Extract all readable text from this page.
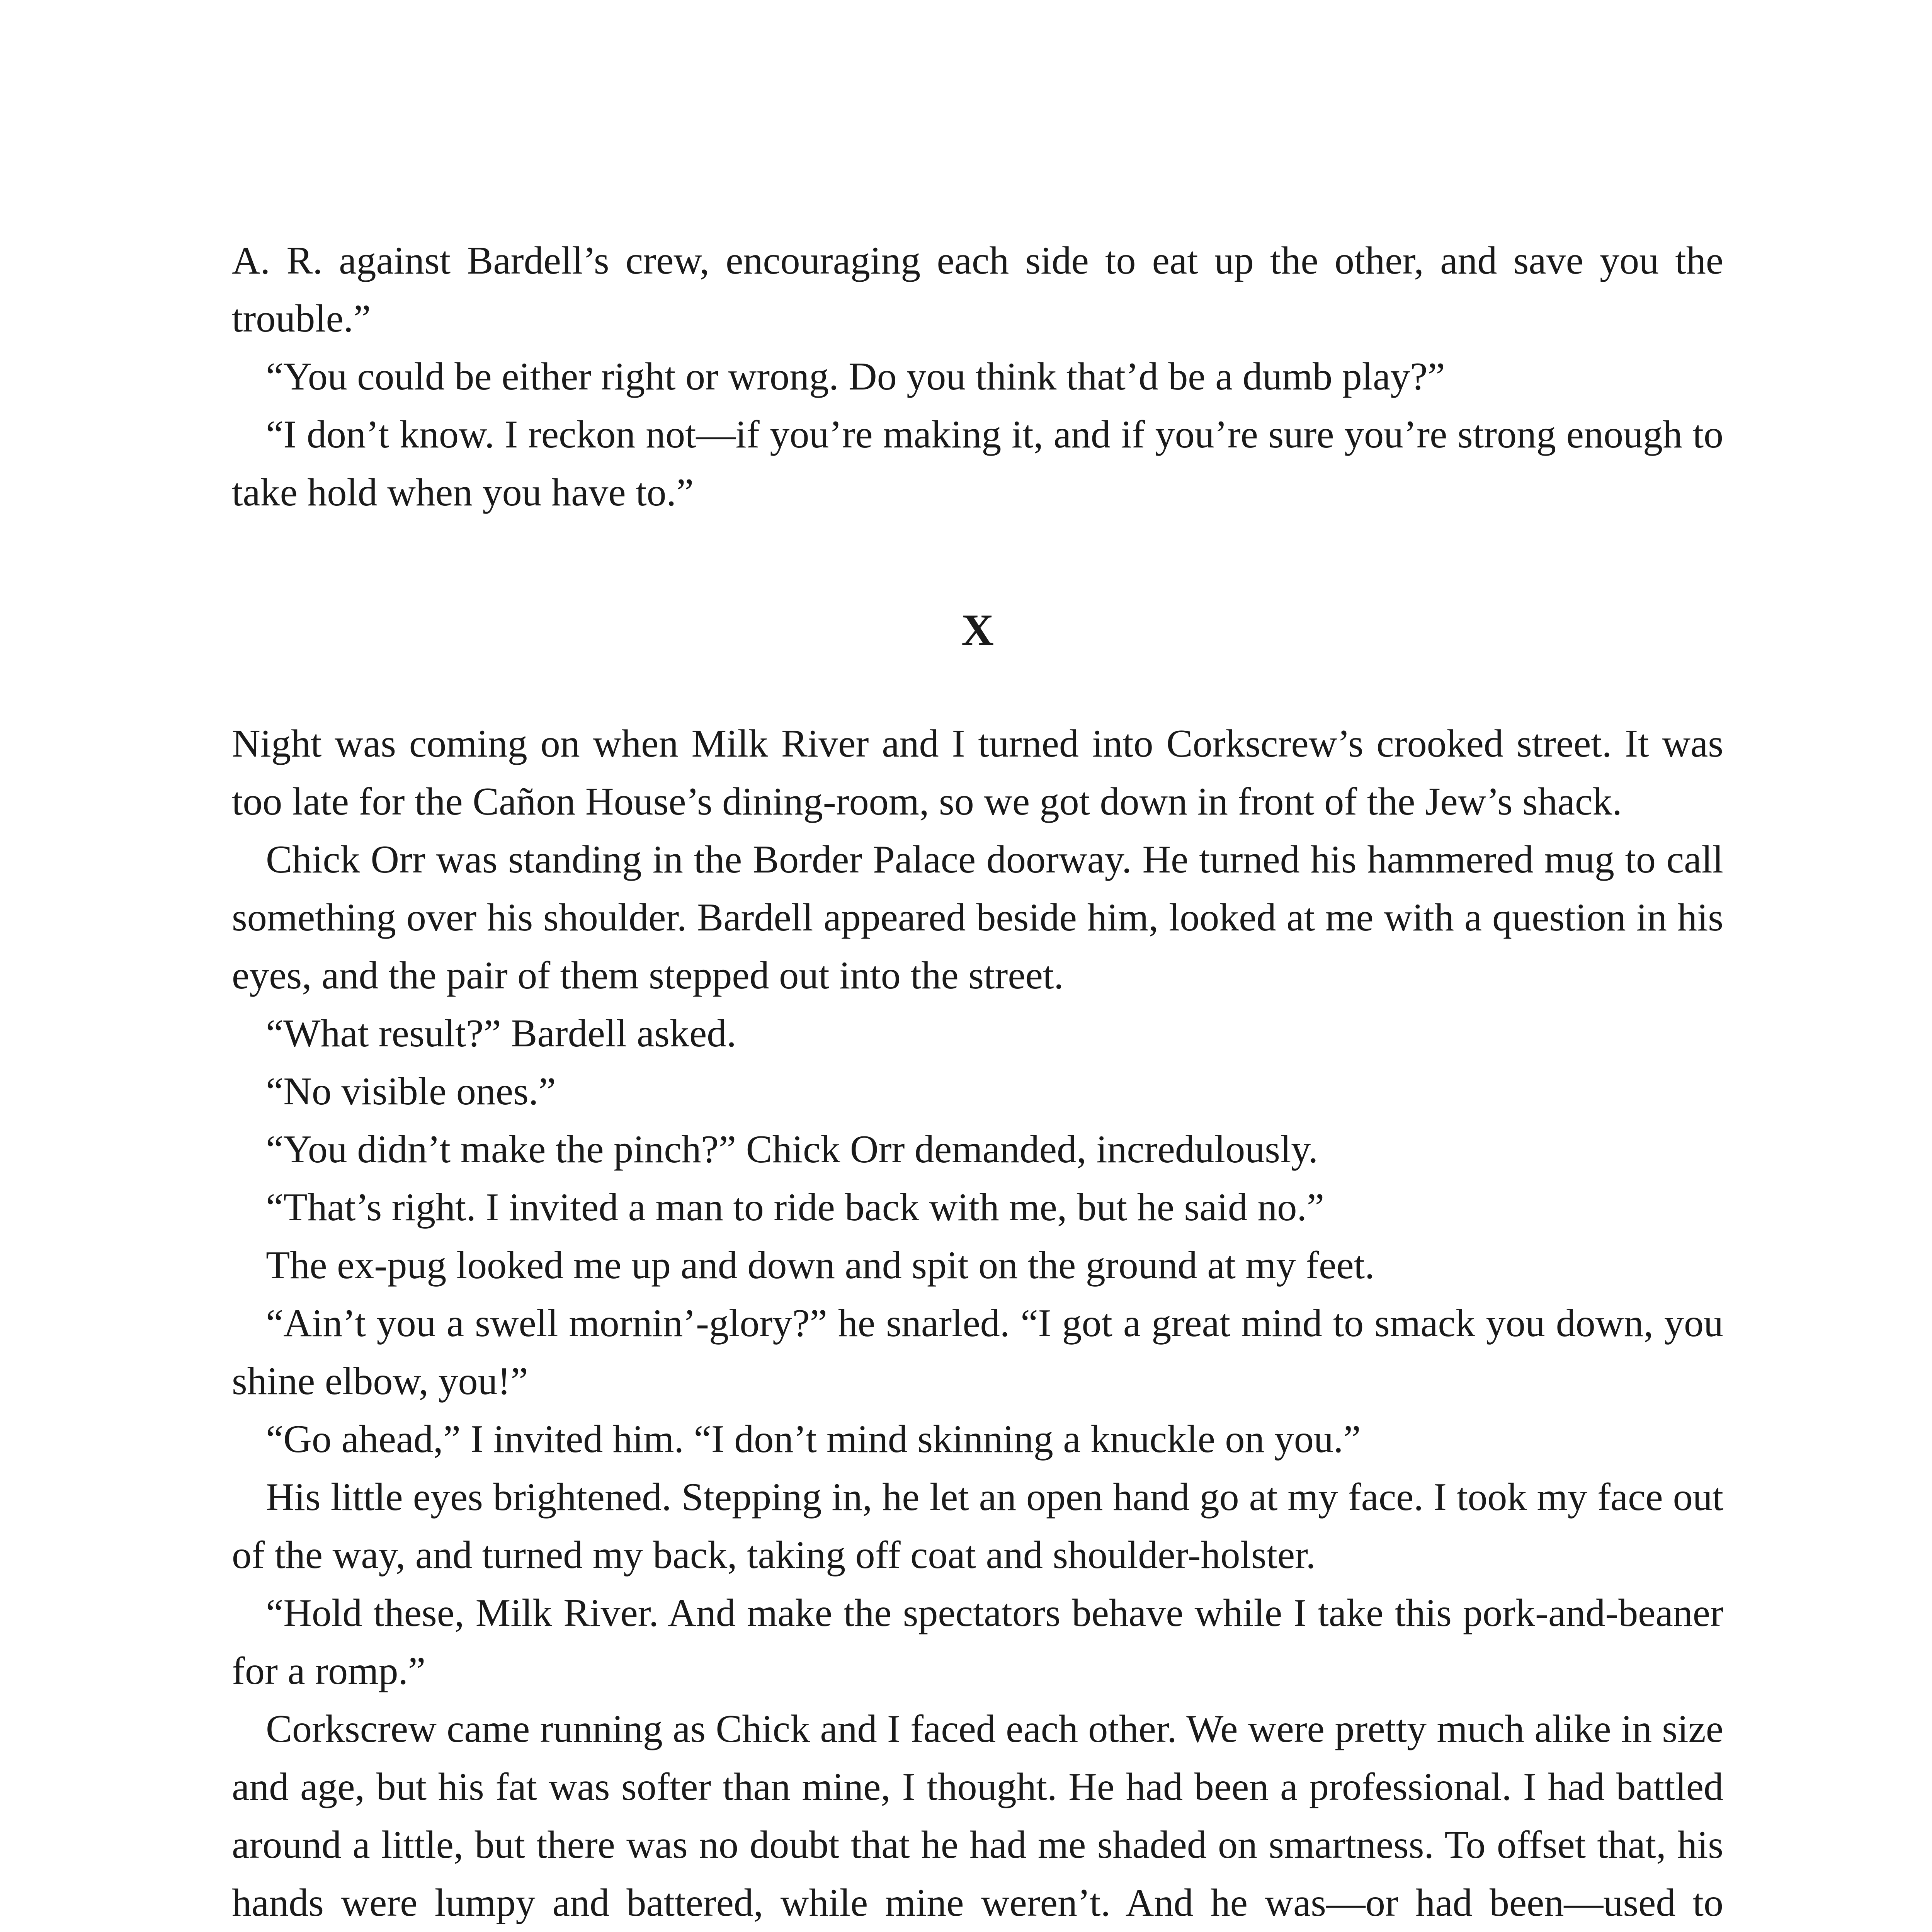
A. R. against Bardell’s crew, encouraging each side to eat up the other, and save you the trouble.”

“You could be either right or wrong. Do you think that’d be a dumb play?”

“I don’t know. I reckon not—if you’re making it, and if you’re sure you’re strong enough to take hold when you have to.”

X

Night was coming on when Milk River and I turned into Corkscrew’s crooked street. It was too late for the Cañon House’s dining-room, so we got down in front of the Jew’s shack.

Chick Orr was standing in the Border Palace doorway. He turned his hammered mug to call something over his shoulder. Bardell appeared beside him, looked at me with a question in his eyes, and the pair of them stepped out into the street.

“What result?” Bardell asked.

“No visible ones.”

“You didn’t make the pinch?” Chick Orr demanded, incredulously.

“That’s right. I invited a man to ride back with me, but he said no.”

The ex-pug looked me up and down and spit on the ground at my feet.

“Ain’t you a swell mornin’-glory?” he snarled. “I got a great mind to smack you down, you shine elbow, you!”

“Go ahead,” I invited him. “I don’t mind skinning a knuckle on you.”

His little eyes brightened. Stepping in, he let an open hand go at my face. I took my face out of the way, and turned my back, taking off coat and shoulder-holster.

“Hold these, Milk River. And make the spectators behave while I take this pork-and-beaner for a romp.”

Corkscrew came running as Chick and I faced each other. We were pretty much alike in size and age, but his fat was softer than mine, I thought. He had been a professional. I had battled around a little, but there was no doubt that he had me shaded on smartness. To offset that, his hands were lumpy and battered, while mine weren’t. And he was—or had been—used to
